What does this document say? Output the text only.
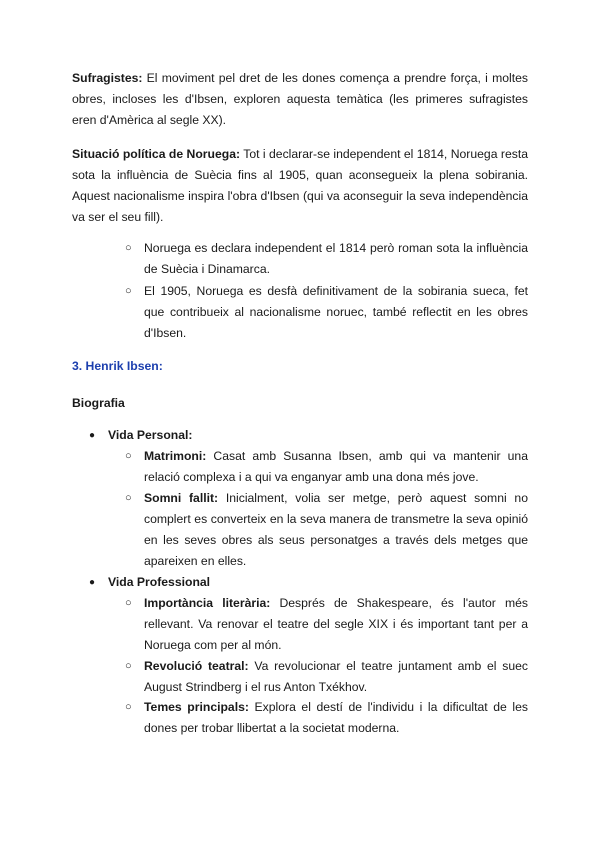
Sufragistes: El moviment pel dret de les dones comença a prendre força, i moltes obres, incloses les d'Ibsen, exploren aquesta temàtica (les primeres sufragistes eren d'Amèrica al segle XX).

Situació política de Noruega: Tot i declarar-se independent el 1814, Noruega resta sota la influència de Suècia fins al 1905, quan aconsegueix la plena sobirania. Aquest nacionalisme inspira l'obra d'Ibsen (qui va aconseguir la seva independència va ser el seu fill).

○ Noruega es declara independent el 1814 però roman sota la influència de Suècia i Dinamarca.

○ El 1905, Noruega es desfà definitivament de la sobirania sueca, fet que contribueix al nacionalisme noruec, també reflectit en les obres d'Ibsen.

3. Henrik Ibsen:

Biografia

● Vida Personal:

○ Matrimoni: Casat amb Susanna Ibsen, amb qui va mantenir una relació complexa i a qui va enganyar amb una dona més jove.

○ Somni fallit: Inicialment, volia ser metge, però aquest somni no complert es converteix en la seva manera de transmetre la seva opinió en les seves obres als seus personatges a través dels metges que apareixen en elles.

● Vida Professional

○ Importància literària: Després de Shakespeare, és l'autor més rellevant. Va renovar el teatre del segle XIX i és important tant per a Noruega com per al món.

○ Revolució teatral: Va revolucionar el teatre juntament amb el suec August Strindberg i el rus Anton Txékhov.

○ Temes principals: Explora el destí de l'individu i la dificultat de les dones per trobar llibertat a la societat moderna.
